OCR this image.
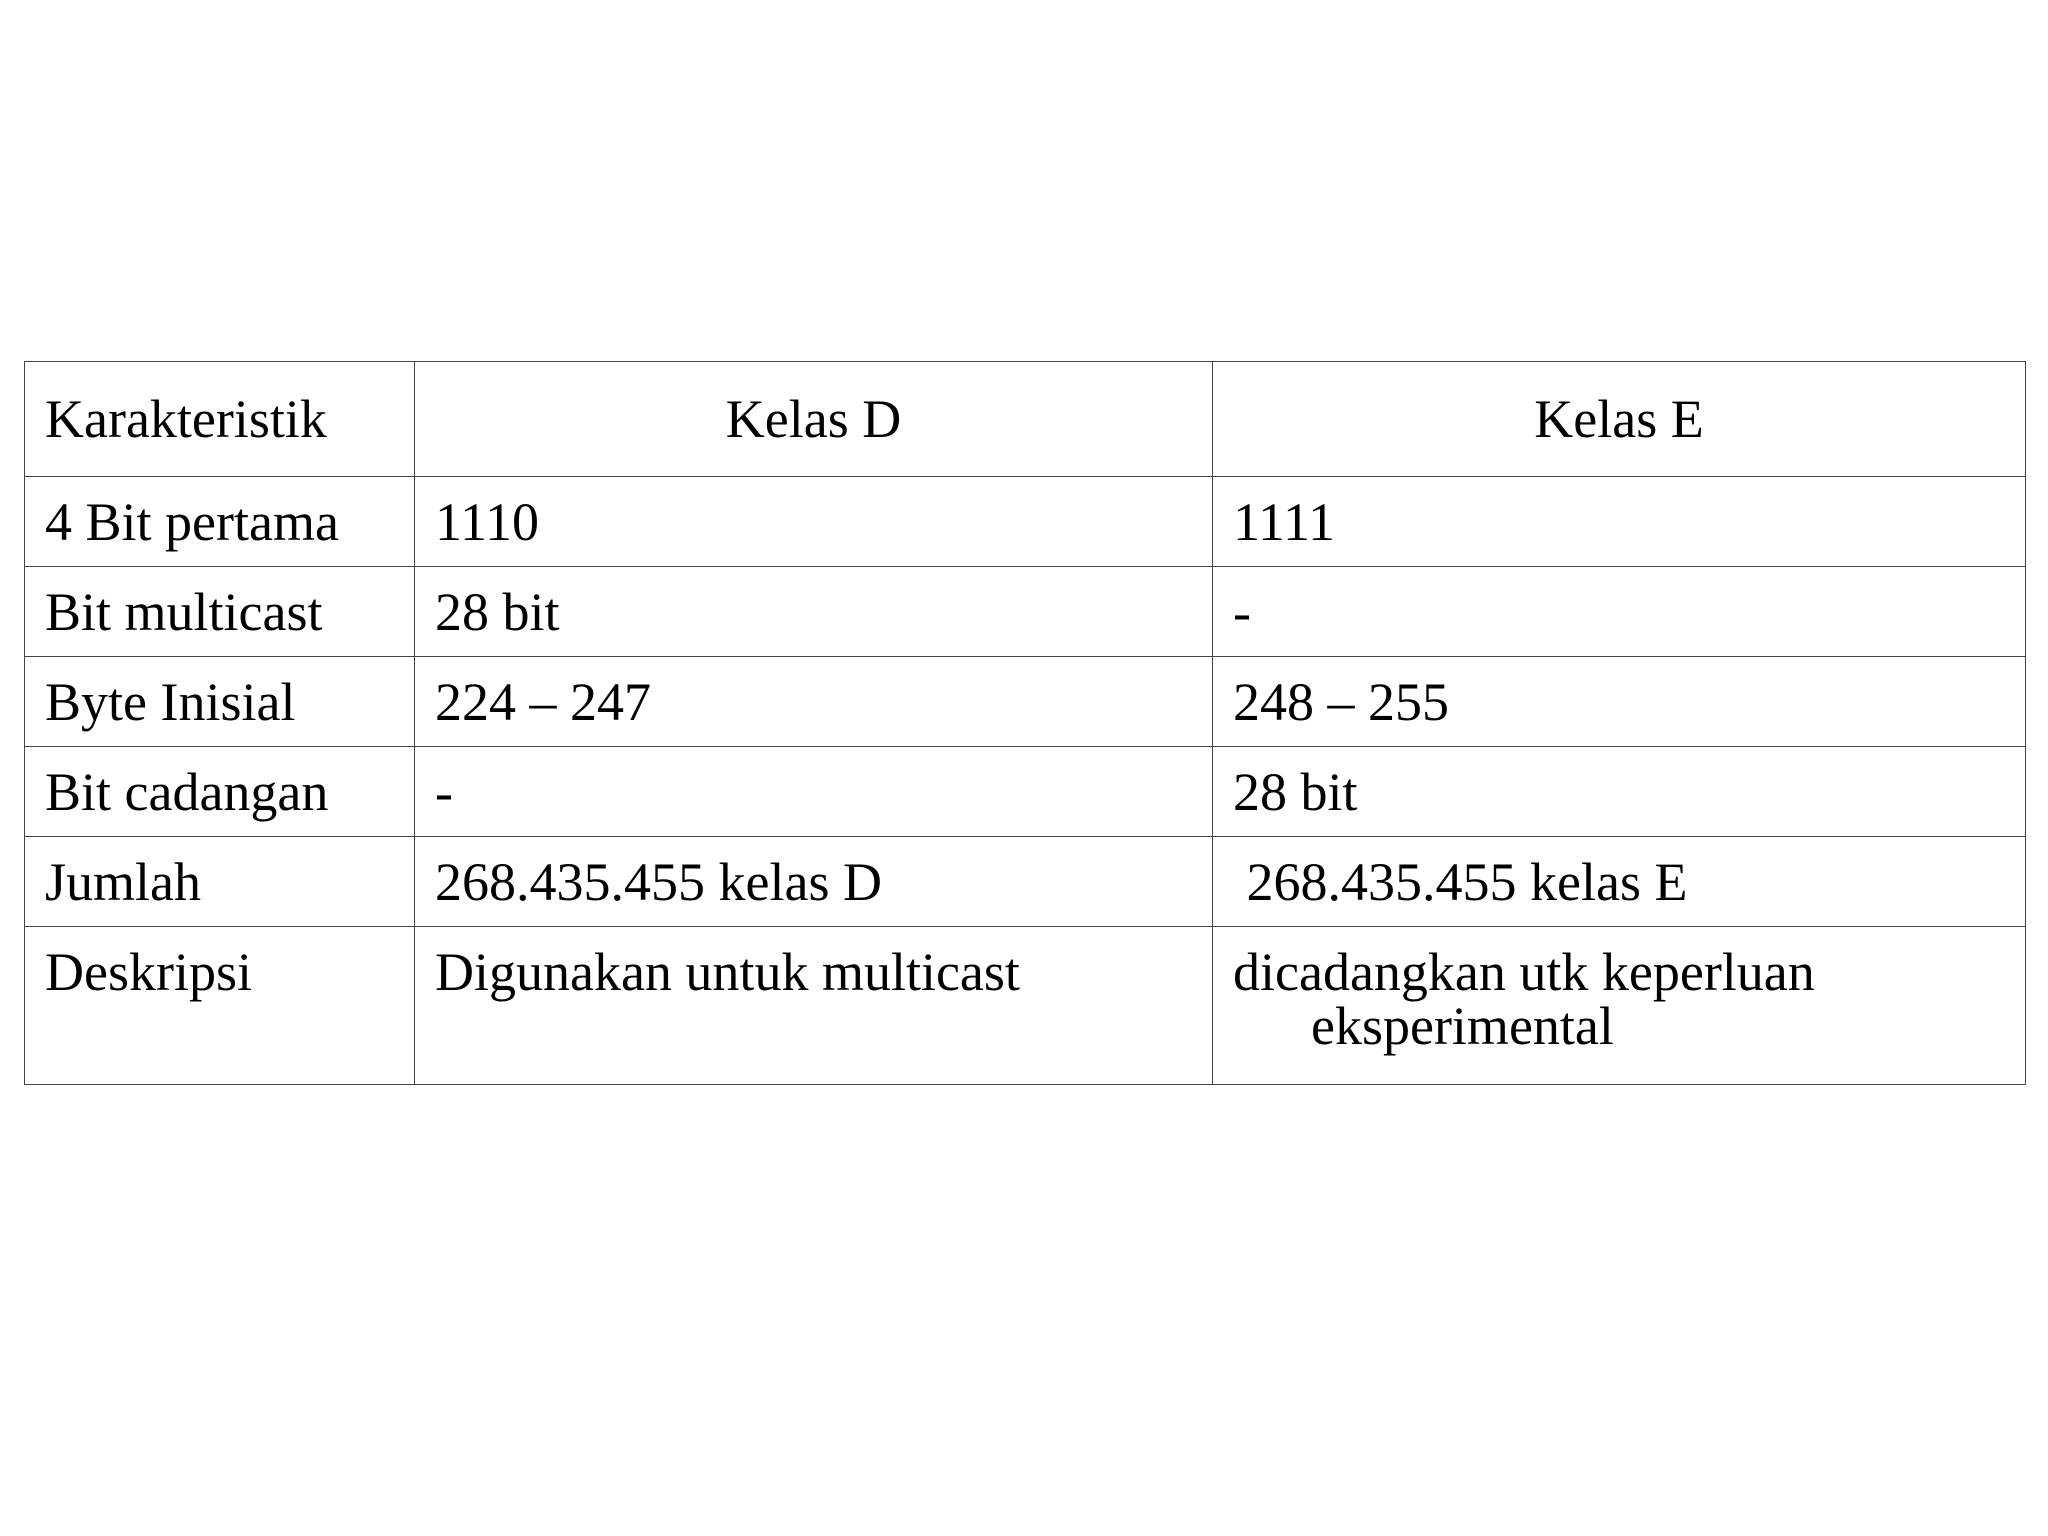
Karakteristik	Kelas D	Kelas E
4 Bit pertama	1110	1111
Bit multicast	28 bit	-
Byte Inisial	224 – 247	248 – 255
Bit cadangan	-	28 bit
Jumlah	268.435.455 kelas D	268.435.455 kelas E
Deskripsi	Digunakan untuk multicast	dicadangkan utk keperluan eksperimental
